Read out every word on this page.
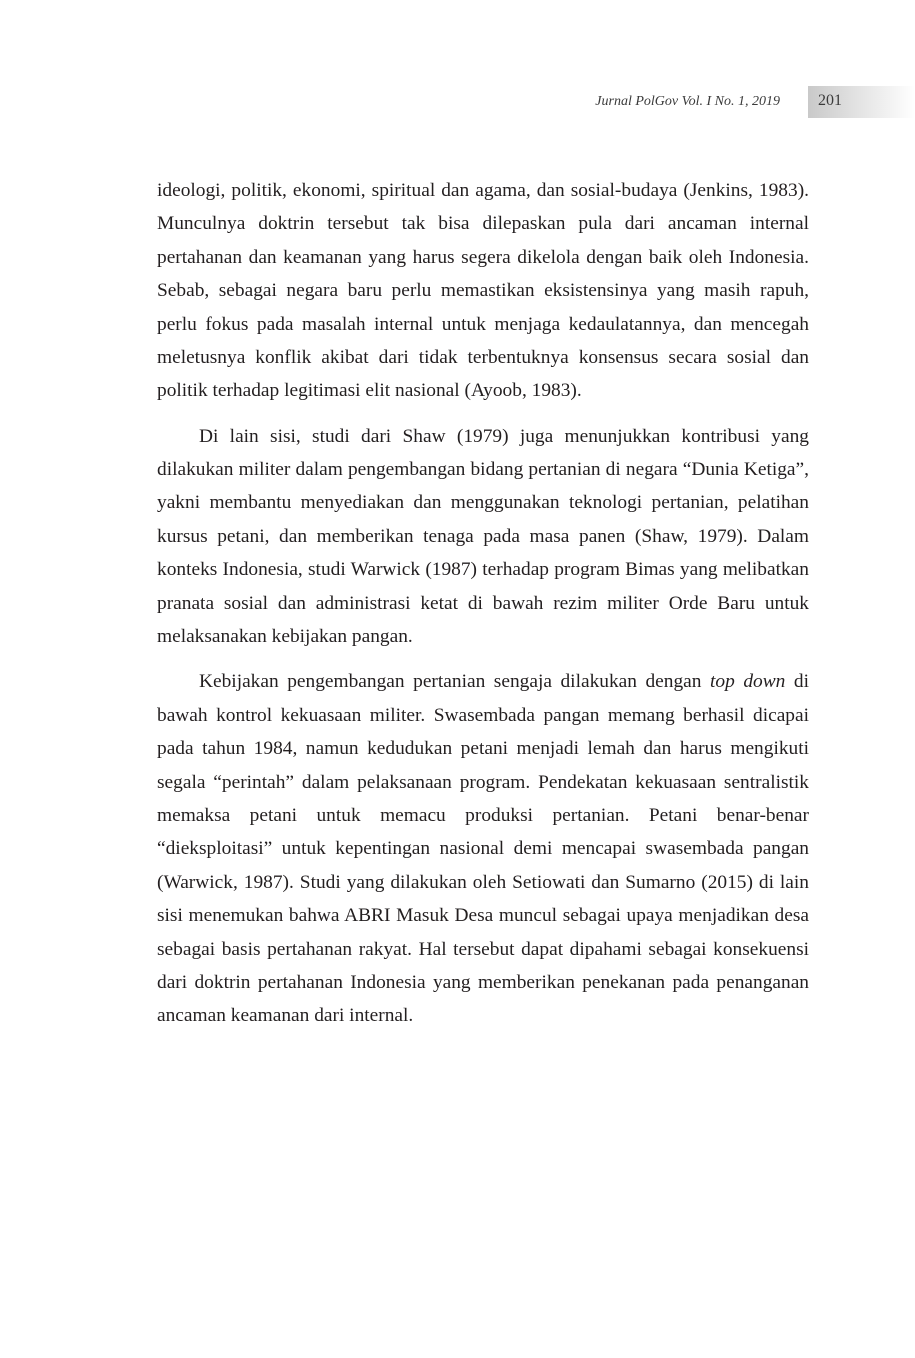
Jurnal PolGov Vol. I No. 1, 2019 201

ideologi, politik, ekonomi, spiritual dan agama, dan sosial-budaya (Jenkins, 1983). Munculnya doktrin tersebut tak bisa dilepaskan pula dari ancaman internal pertahanan dan keamanan yang harus segera dikelola dengan baik oleh Indonesia. Sebab, sebagai negara baru perlu memastikan eksistensinya yang masih rapuh, perlu fokus pada masalah internal untuk menjaga kedaulatannya, dan mencegah meletusnya konflik akibat dari tidak terbentuknya konsensus secara sosial dan politik terhadap legitimasi elit nasional (Ayoob, 1983).

Di lain sisi, studi dari Shaw (1979) juga menunjukkan kontribusi yang dilakukan militer dalam pengembangan bidang pertanian di negara “Dunia Ketiga”, yakni membantu menyediakan dan menggunakan teknologi pertanian, pelatihan kursus petani, dan memberikan tenaga pada masa panen (Shaw, 1979). Dalam konteks Indonesia, studi Warwick (1987) terhadap program Bimas yang melibatkan pranata sosial dan administrasi ketat di bawah rezim militer Orde Baru untuk melaksanakan kebijakan pangan.

Kebijakan pengembangan pertanian sengaja dilakukan dengan top down di bawah kontrol kekuasaan militer. Swasembada pangan memang berhasil dicapai pada tahun 1984, namun kedudukan petani menjadi lemah dan harus mengikuti segala “perintah” dalam pelaksanaan program. Pendekatan kekuasaan sentralistik memaksa petani untuk memacu produksi pertanian. Petani benar-benar “dieksploitasi” untuk kepentingan nasional demi mencapai swasembada pangan (Warwick, 1987). Studi yang dilakukan oleh Setiowati dan Sumarno (2015) di lain sisi menemukan bahwa ABRI Masuk Desa muncul sebagai upaya menjadikan desa sebagai basis pertahanan rakyat. Hal tersebut dapat dipahami sebagai konsekuensi dari doktrin pertahanan Indonesia yang memberikan penekanan pada penanganan ancaman keamanan dari internal.
